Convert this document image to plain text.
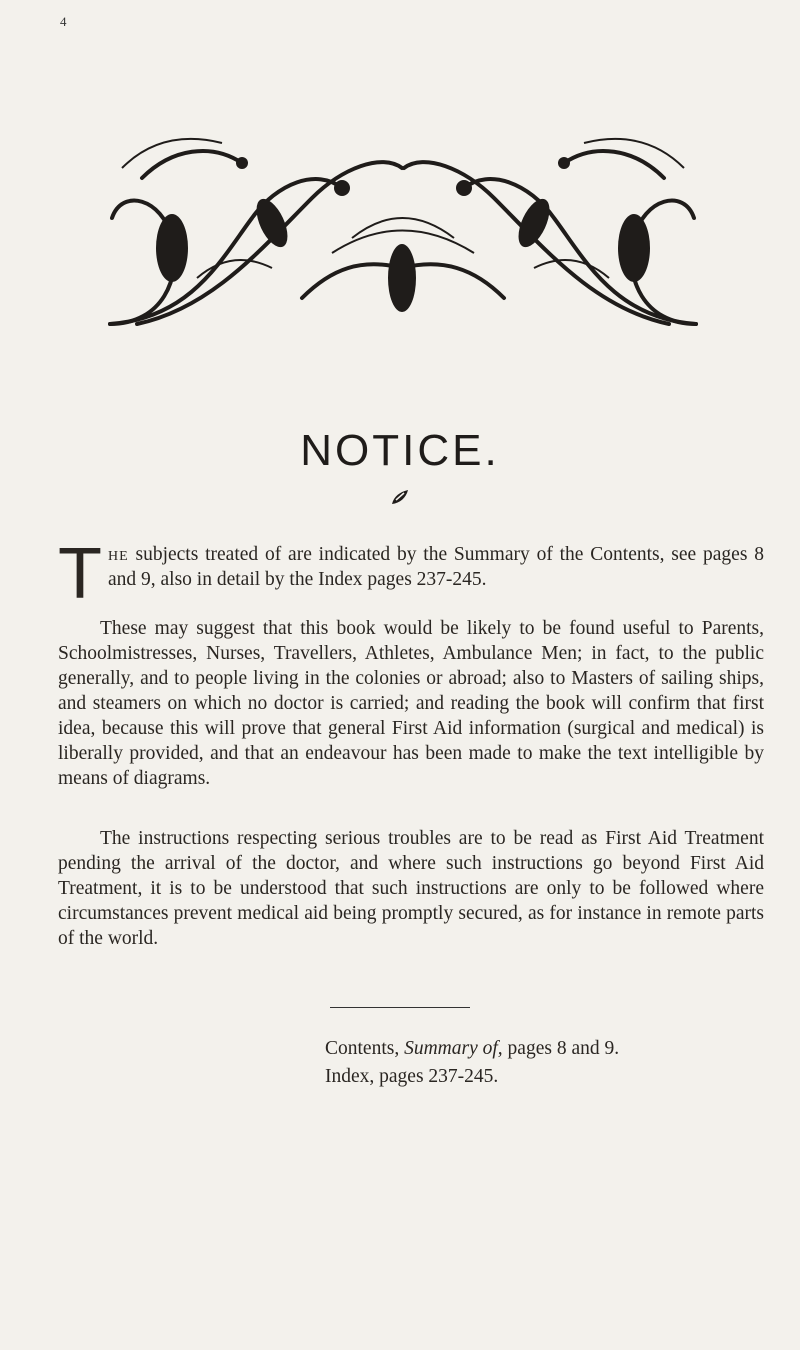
4
NOTICE.

The subjects treated of are indicated by the Summary of the Contents, see pages 8 and 9, also in detail by the Index pages 237-245.

These may suggest that this book would be likely to be found useful to Parents, Schoolmistresses, Nurses, Travellers, Athletes, Ambulance Men; in fact, to the public generally, and to people living in the colonies or abroad; also to Masters of sailing ships, and steamers on which no doctor is carried; and reading the book will confirm that first idea, because this will prove that general First Aid information (surgical and medical) is liberally provided, and that an endeavour has been made to make the text intelligible by means of diagrams.

The instructions respecting serious troubles are to be read as First Aid Treatment pending the arrival of the doctor, and where such instructions go beyond First Aid Treatment, it is to be understood that such instructions are only to be followed where circumstances prevent medical aid being promptly secured, as for instance in remote parts of the world.

Contents, Summary of, pages 8 and 9.
Index, pages 237-245.
